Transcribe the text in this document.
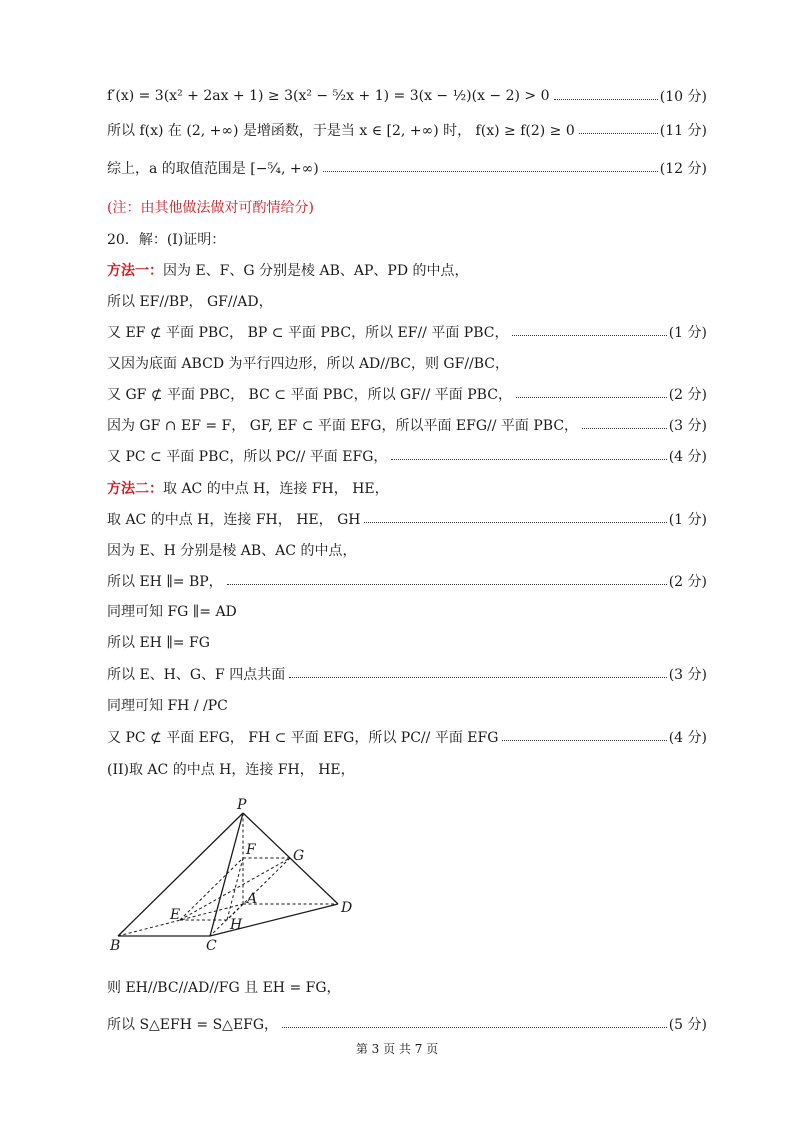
f′(x) = 3(x² + 2ax + 1) ≥ 3(x² − ⁵⁄₂x + 1) = 3(x − ½)(x − 2) > 0	(10 分)
所以 f(x) 在 (2, +∞) 是增函数，于是当 x ∈ [2, +∞) 时， f(x) ≥ f(2) ≥ 0	(11 分)
综上，a 的取值范围是 [−⁵⁄₄, +∞)	(12 分)
(注：由其他做法做对可酌情给分)
20．解：(Ⅰ)证明：
方法一： 因为 E、F、G 分别是棱 AB、AP、PD 的中点，
所以 EF//BP， GF//AD，
又 EF ⊄ 平面 PBC， BP ⊂ 平面 PBC，所以 EF// 平面 PBC，	(1 分)
又因为底面 ABCD 为平行四边形，所以 AD//BC，则 GF//BC，
又 GF ⊄ 平面 PBC， BC ⊂ 平面 PBC，所以 GF// 平面 PBC，	(2 分)
因为 GF ∩ EF = F， GF, EF ⊂ 平面 EFG，所以平面 EFG// 平面 PBC，	(3 分)
又 PC ⊂ 平面 PBC，所以 PC// 平面 EFG，	(4 分)
方法二： 取 AC 的中点 H，连接 FH， HE，
取 AC 的中点 H，连接 FH， HE， GH	(1 分)
因为 E、H 分别是棱 AB、AC 的中点，
所以 EH ∥= BP，	(2 分)
同理可知 FG ∥= AD
所以 EH ∥= FG
所以 E、H、G、F 四点共面	(3 分)
同理可知 FH / /PC
又 PC ⊄ 平面 EFG， FH ⊂ 平面 EFG，所以 PC// 平面 EFG	(4 分)
(II)取 AC 的中点 H，连接 FH， HE，
则 EH//BC//AD//FG 且 EH = FG，
所以 S△EFH = S△EFG，	(5 分)
P
F	G
A
D
E
H
B	C
第 3 页 共 7 页
